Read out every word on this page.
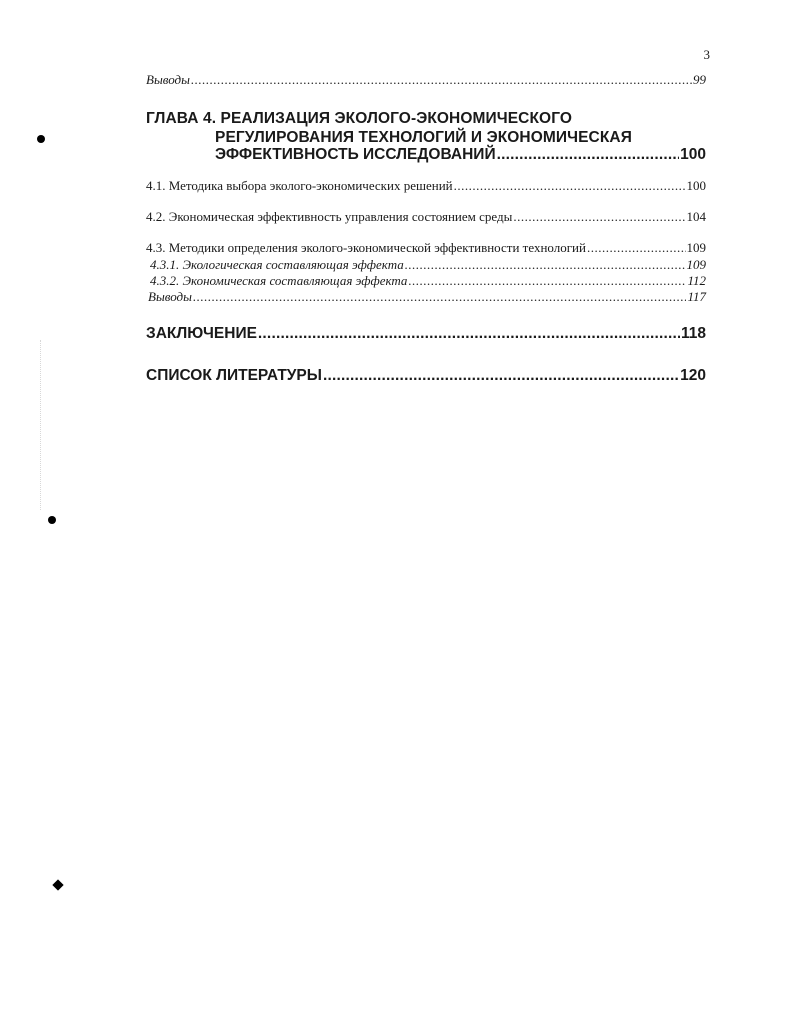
3
Выводы .....	99
ГЛАВА 4. РЕАЛИЗАЦИЯ ЭКОЛОГО-ЭКОНОМИЧЕСКОГО
РЕГУЛИРОВАНИЯ ТЕХНОЛОГИЙ И ЭКОНОМИЧЕСКАЯ
ЭФФЕКТИВНОСТЬ ИССЛЕДОВАНИЙ .....	100
4.1. Методика выбора эколого-экономических решений .....	100
4.2. Экономическая эффективность управления состоянием среды .....	104
4.3. Методики определения эколого-экономической эффективности технологий .....	109
4.3.1. Экологическая составляющая эффекта .....	109
4.3.2. Экономическая составляющая эффекта .....	112
Выводы .....	117
ЗАКЛЮЧЕНИЕ .....	118
СПИСОК ЛИТЕРАТУРЫ .....	120
